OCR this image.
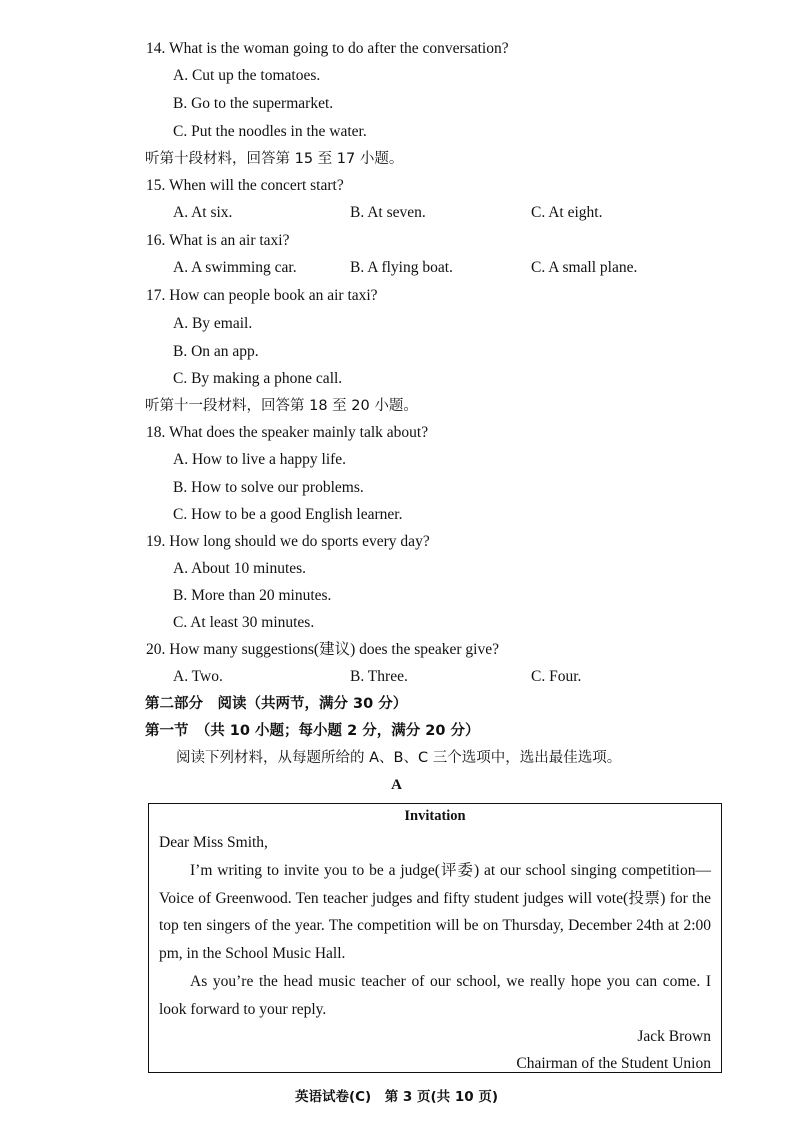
14. What is the woman going to do after the conversation?
A. Cut up the tomatoes.
B. Go to the supermarket.
C. Put the noodles in the water.
听第十段材料，回答第 15 至 17 小题。
15. When will the concert start?
A. At six.	B. At seven.	C. At eight.
16. What is an air taxi?
A. A swimming car.	B. A flying boat.	C. A small plane.
17. How can people book an air taxi?
A. By email.
B. On an app.
C. By making a phone call.
听第十一段材料，回答第 18 至 20 小题。
18. What does the speaker mainly talk about?
A. How to live a happy life.
B. How to solve our problems.
C. How to be a good English learner.
19. How long should we do sports every day?
A. About 10 minutes.
B. More than 20 minutes.
C. At least 30 minutes.
20. How many suggestions(建议) does the speaker give?
A. Two.	B. Three.	C. Four.
第二部分　阅读（共两节，满分 30 分）
第一节　（共 10 小题；每小题 2 分，满分 20 分）
阅读下列材料，从每题所给的 A、B、C 三个选项中，选出最佳选项。
A
Invitation
Dear Miss Smith,
I’m writing to invite you to be a judge(评委) at our school singing competition—Voice of Greenwood. Ten teacher judges and fifty student judges will vote(投票) for the top ten singers of the year. The competition will be on Thursday, December 24th at 2:00 pm, in the School Music Hall.
As you’re the head music teacher of our school, we really hope you can come. I look forward to your reply.
Jack Brown
Chairman of the Student Union
英语试卷(C)　第 3 页(共 10 页)
